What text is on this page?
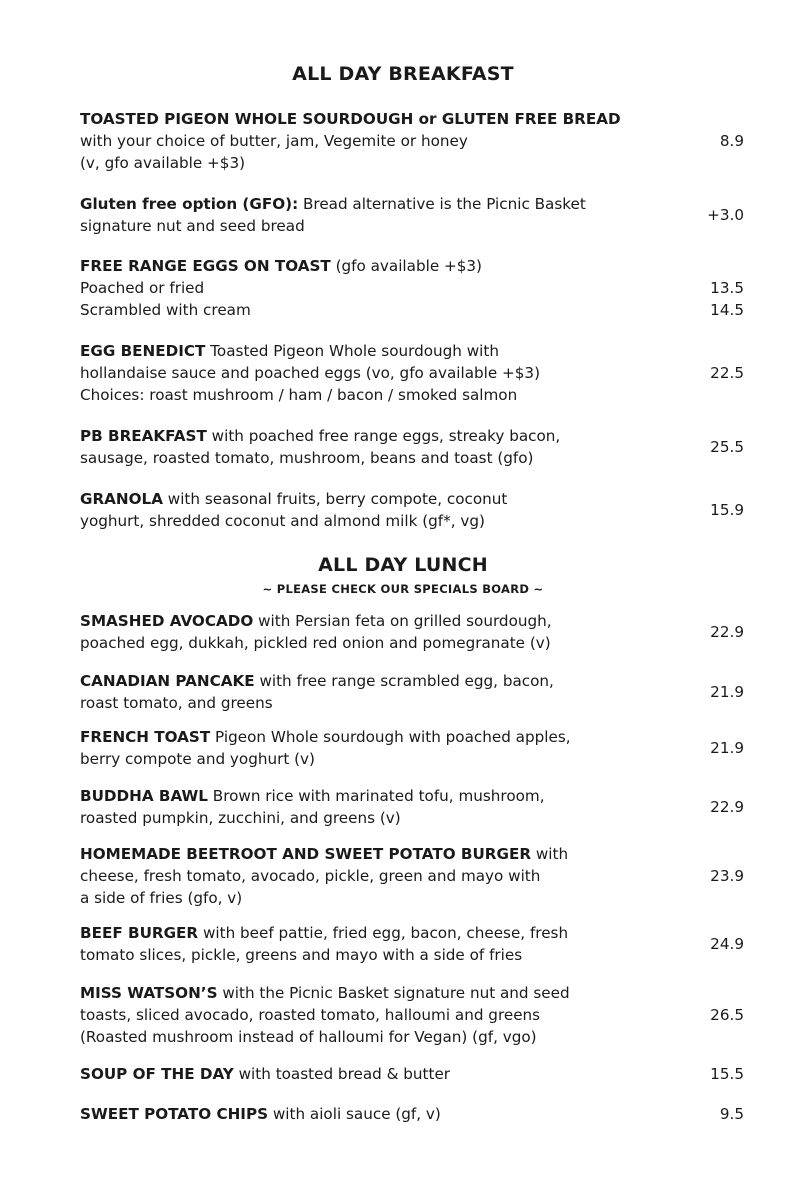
ALL DAY BREAKFAST

TOASTED PIGEON WHOLE SOURDOUGH or GLUTEN FREE BREAD
with your choice of butter, jam, Vegemite or honey
(v, gfo available +$3)

8.9

Gluten free option (GFO): Bread alternative is the Picnic Basket
signature nut and seed bread

+3.0

FREE RANGE EGGS ON TOAST (gfo available +$3)
Poached or fried
Scrambled with cream

13.5
14.5

EGG BENEDICT Toasted Pigeon Whole sourdough with
hollandaise sauce and poached eggs (vo, gfo available +$3)
Choices: roast mushroom / ham / bacon / smoked salmon

22.5

PB BREAKFAST with poached free range eggs, streaky bacon,
sausage, roasted tomato, mushroom, beans and toast (gfo)

25.5

GRANOLA with seasonal fruits, berry compote, coconut
yoghurt, shredded coconut and almond milk (gf*, vg)

15.9
ALL DAY LUNCH

~ PLEASE CHECK OUR SPECIALS BOARD ~

SMASHED AVOCADO with Persian feta on grilled sourdough,
poached egg, dukkah, pickled red onion and pomegranate (v)

22.9

CANADIAN PANCAKE with free range scrambled egg, bacon,
roast tomato, and greens

21.9

FRENCH TOAST Pigeon Whole sourdough with poached apples,
berry compote and yoghurt (v)

21.9

BUDDHA BAWL Brown rice with marinated tofu, mushroom,
roasted pumpkin, zucchini, and greens (v)

22.9

HOMEMADE BEETROOT AND SWEET POTATO BURGER with
cheese, fresh tomato, avocado, pickle, green and mayo with
a side of fries (gfo, v)

23.9

BEEF BURGER with beef pattie, fried egg, bacon, cheese, fresh
tomato slices, pickle, greens and mayo with a side of fries

24.9

MISS WATSON’S with the Picnic Basket signature nut and seed
toasts, sliced avocado, roasted tomato, halloumi and greens
(Roasted mushroom instead of halloumi for Vegan) (gf, vgo)

26.5

SOUP OF THE DAY with toasted bread & butter	15.5

SWEET POTATO CHIPS with aioli sauce (gf, v)	9.5
